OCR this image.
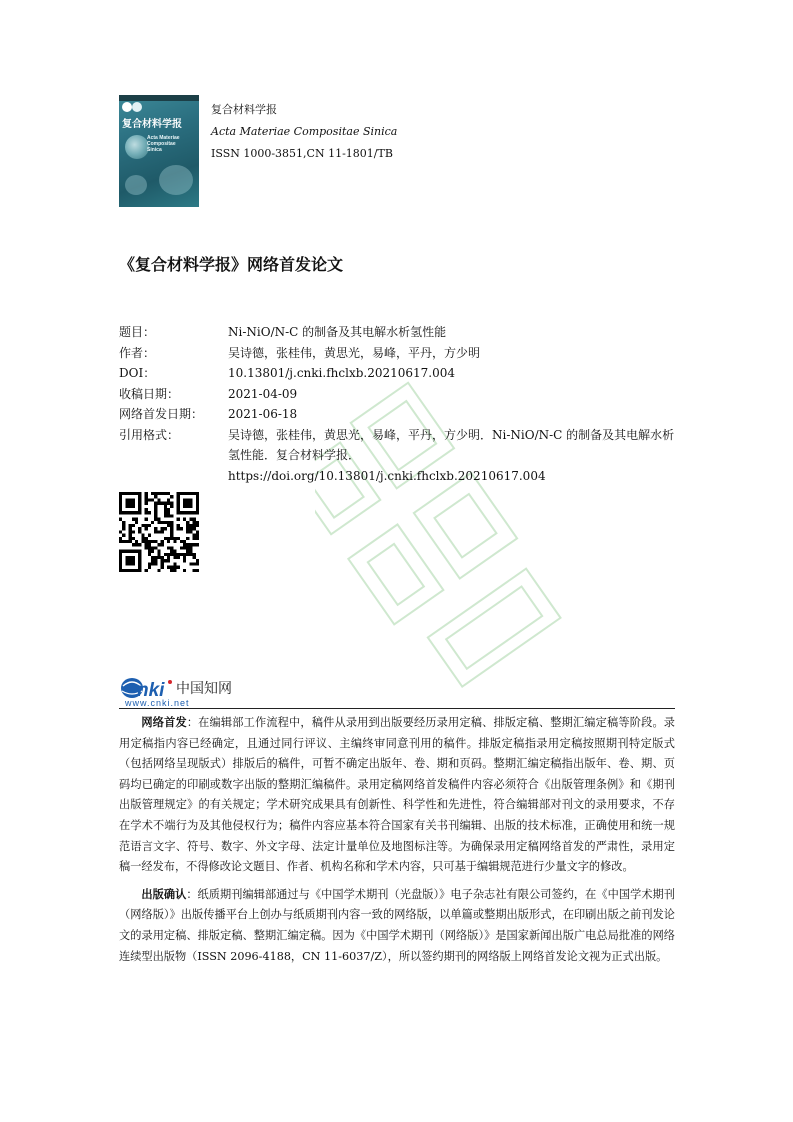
复合材料学报
Acta Materiae
Compositae
Sinica
复合材料学报
Acta Materiae Compositae Sinica
ISSN 1000-3851,CN 11-1801/TB
《复合材料学报》网络首发论文
题目：	Ni-NiO/N-C 的制备及其电解水析氢性能
作者：	吴诗德，张桂伟，黄思光，易峰，平丹，方少明
DOI：	10.13801/j.cnki.fhclxb.20210617.004
收稿日期：	2021-04-09
网络首发日期：	2021-06-18
引用格式：	吴诗德，张桂伟，黄思光，易峰，平丹，方少明．Ni-NiO/N-C 的制备及其电解水析氢性能．复合材料学报．
https://doi.org/10.13801/j.cnki.fhclxb.20210617.004
nki 中国知网
www.cnki.net

网络首发：在编辑部工作流程中，稿件从录用到出版要经历录用定稿、排版定稿、整期汇编定稿等阶段。录用定稿指内容已经确定，且通过同行评议、主编终审同意刊用的稿件。排版定稿指录用定稿按照期刊特定版式（包括网络呈现版式）排版后的稿件，可暂不确定出版年、卷、期和页码。整期汇编定稿指出版年、卷、期、页码均已确定的印刷或数字出版的整期汇编稿件。录用定稿网络首发稿件内容必须符合《出版管理条例》和《期刊出版管理规定》的有关规定；学术研究成果具有创新性、科学性和先进性，符合编辑部对刊文的录用要求，不存在学术不端行为及其他侵权行为；稿件内容应基本符合国家有关书刊编辑、出版的技术标准，正确使用和统一规范语言文字、符号、数字、外文字母、法定计量单位及地图标注等。为确保录用定稿网络首发的严肃性，录用定稿一经发布，不得修改论文题目、作者、机构名称和学术内容，只可基于编辑规范进行少量文字的修改。

出版确认：纸质期刊编辑部通过与《中国学术期刊（光盘版）》电子杂志社有限公司签约，在《中国学术期刊（网络版）》出版传播平台上创办与纸质期刊内容一致的网络版，以单篇或整期出版形式，在印刷出版之前刊发论文的录用定稿、排版定稿、整期汇编定稿。因为《中国学术期刊（网络版）》是国家新闻出版广电总局批准的网络连续型出版物（ISSN 2096-4188，CN 11-6037/Z），所以签约期刊的网络版上网络首发论文视为正式出版。
